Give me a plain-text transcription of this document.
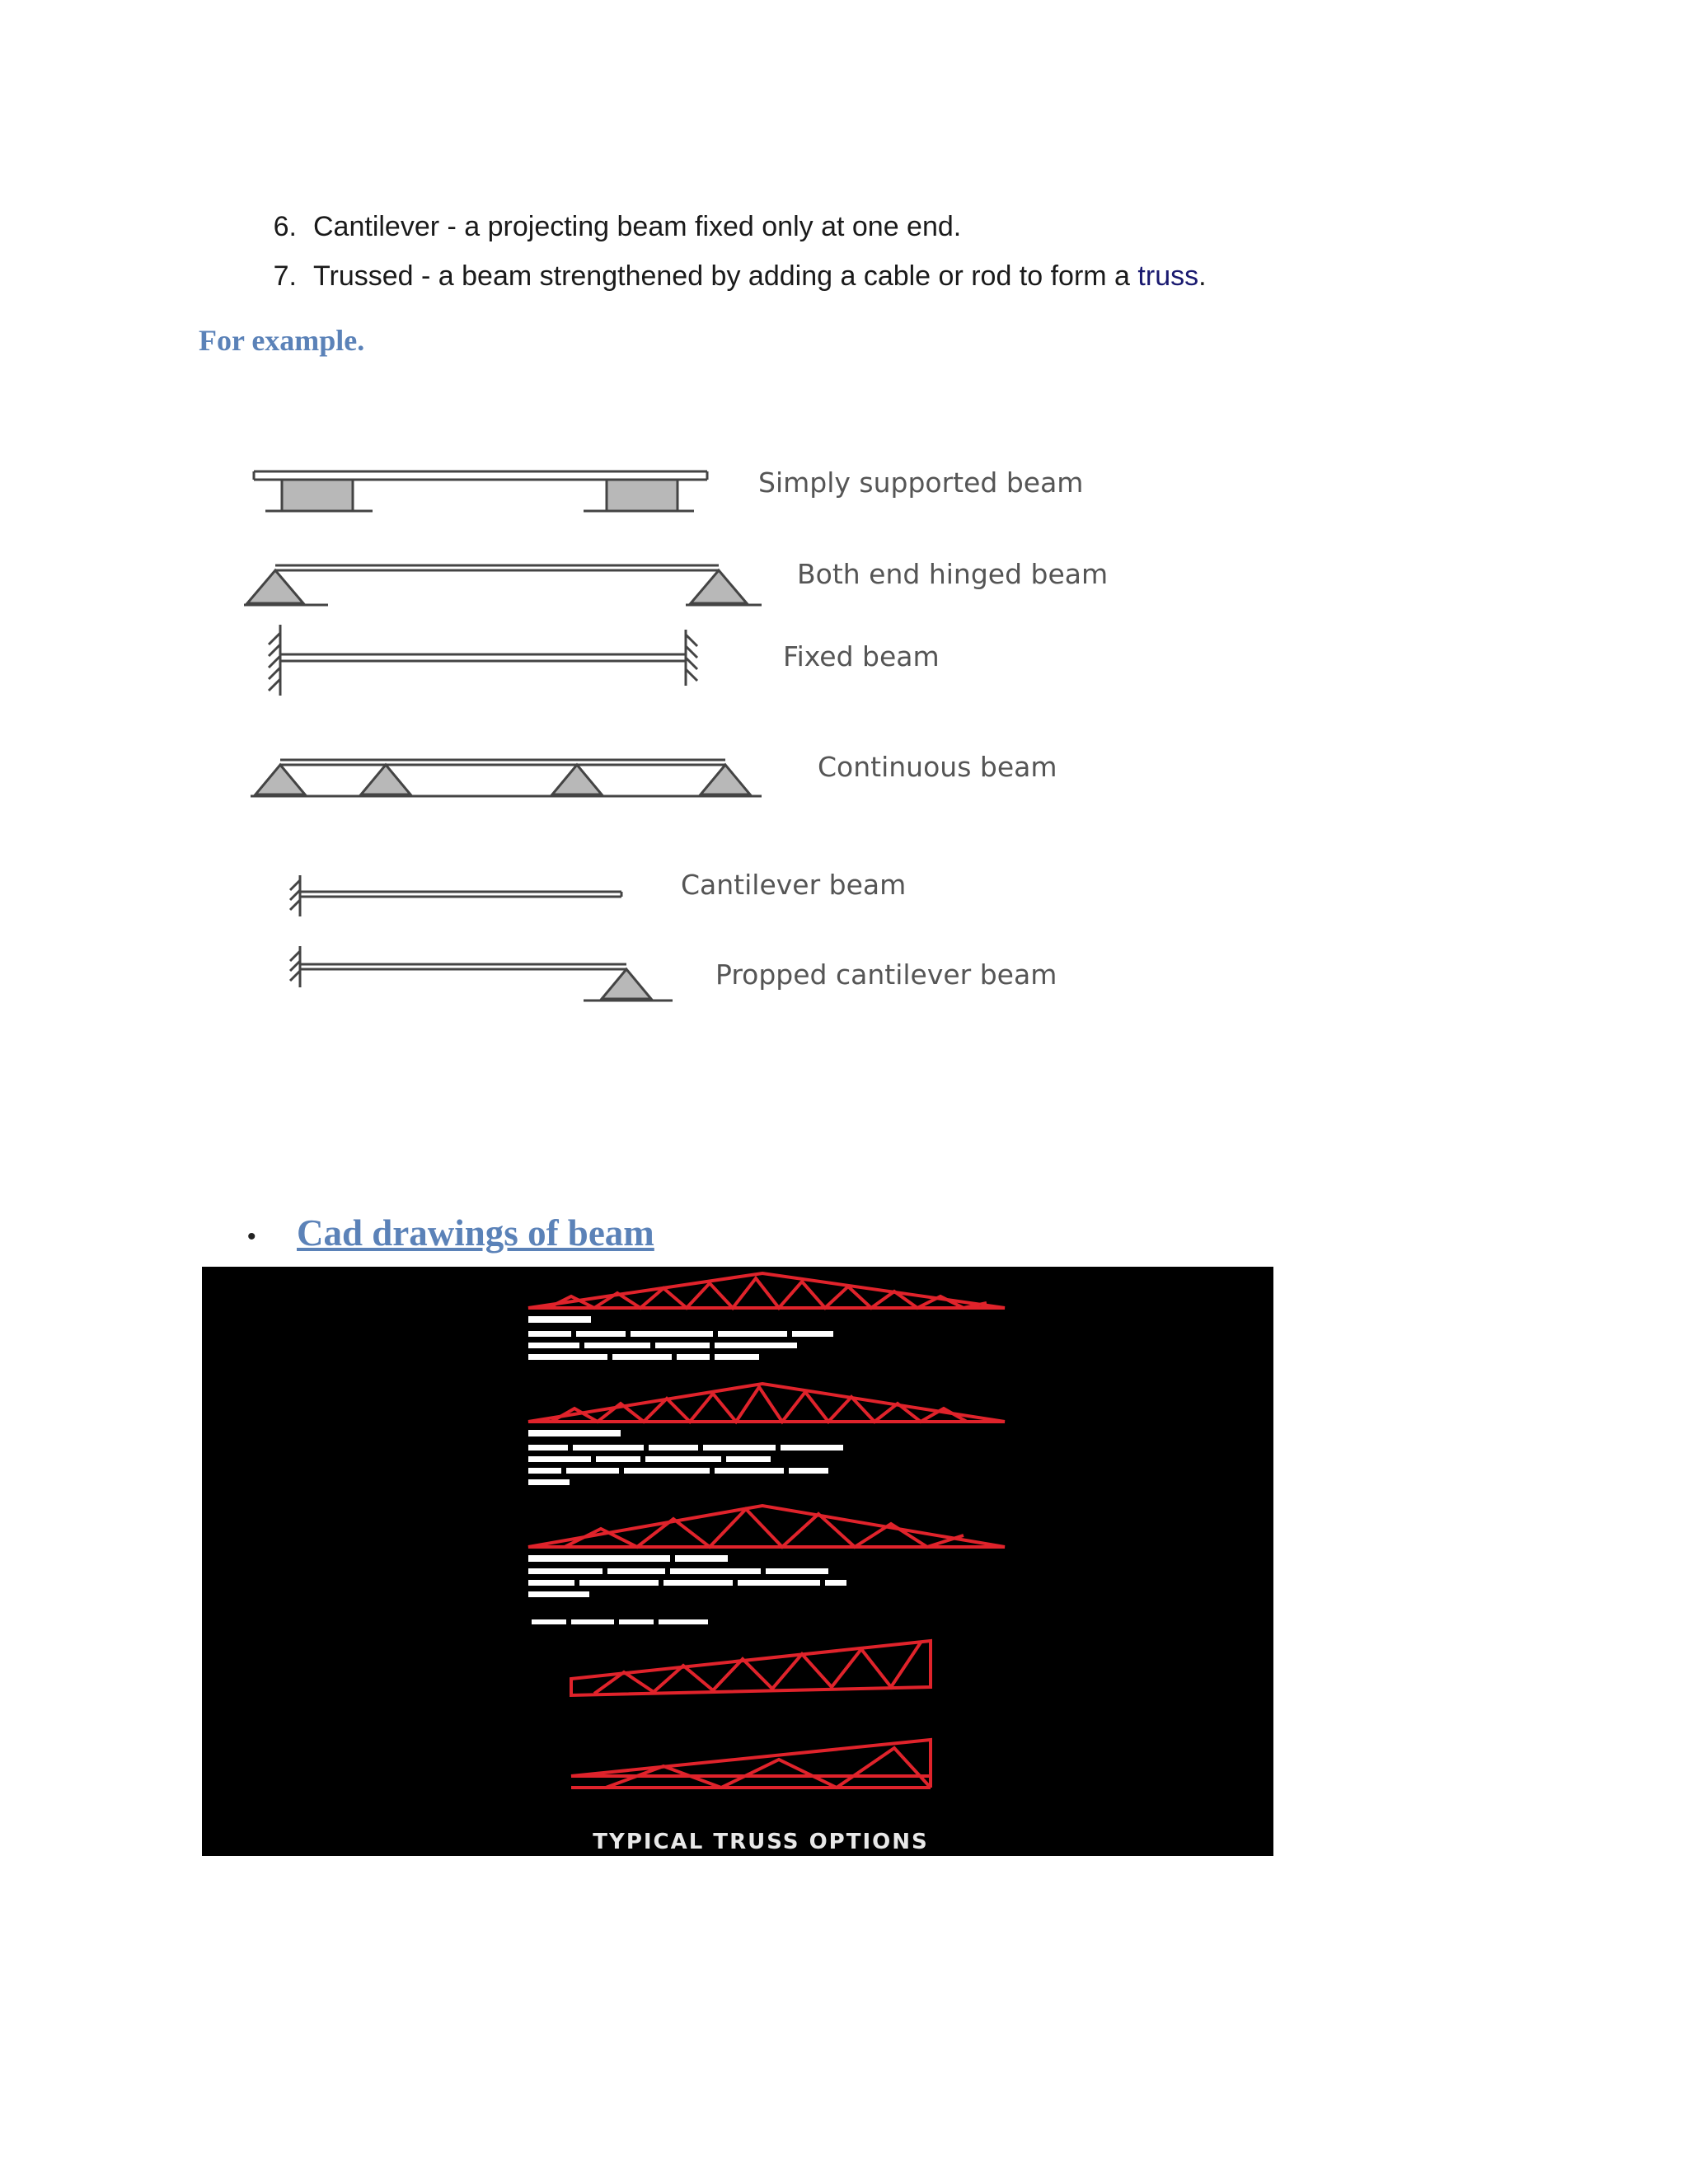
6. Cantilever - a projecting beam fixed only at one end.
7. Trussed - a beam strengthened by adding a cable or rod to form a truss.
For example.
Simply supported beam
Both end hinged beam
Fixed beam
Continuous beam
Cantilever beam
Propped cantilever beam
• Cad drawings of beam
TYPICAL TRUSS OPTIONS
